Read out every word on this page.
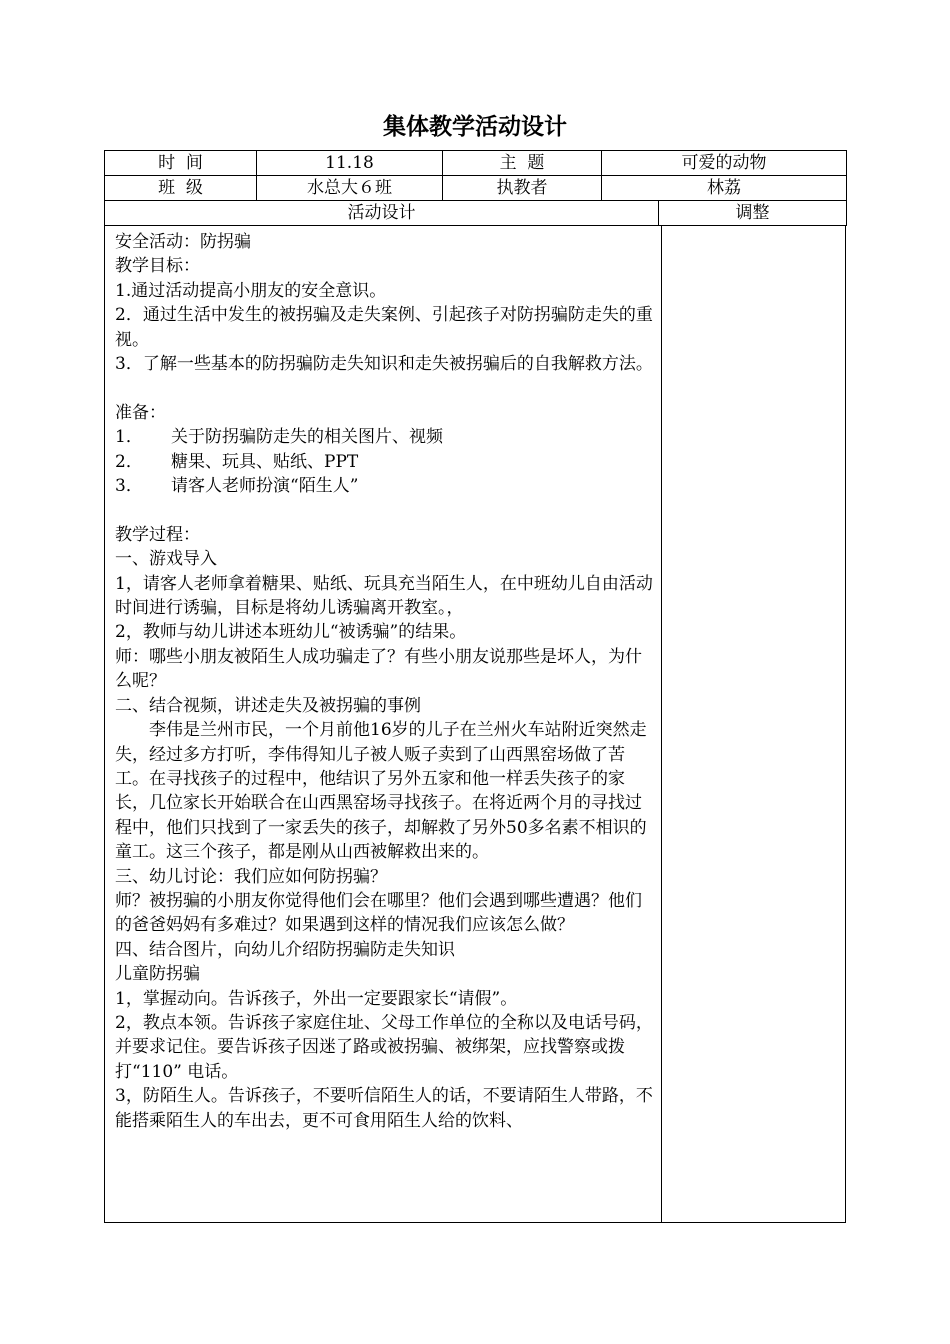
集体教学活动设计
时  间	11.18	主  题	可爱的动物	
班  级	水总大６班	执教者	林荔	
活动设计				调整

安全活动：防拐骗

教学目标：

1.通过活动提高小朋友的安全意识。

2．通过生活中发生的被拐骗及走失案例、引起孩子对防拐骗防走失的重视。

3．了解一些基本的防拐骗防走失知识和走失被拐骗后的自我解救方法。

准备：

1．	关于防拐骗防走失的相关图片、视频
2．	糖果、玩具、贴纸、PPT
3．	请客人老师扮演“陌生人”

教学过程：

一、游戏导入

1，请客人老师拿着糖果、贴纸、玩具充当陌生人，在中班幼儿自由活动时间进行诱骗，目标是将幼儿诱骗离开教室。，

2，教师与幼儿讲述本班幼儿“被诱骗”的结果。

师：哪些小朋友被陌生人成功骗走了？有些小朋友说那些是坏人，为什么呢？

二、结合视频，讲述走失及被拐骗的事例

李伟是兰州市民，一个月前他16岁的儿子在兰州火车站附近突然走失，经过多方打听，李伟得知儿子被人贩子卖到了山西黑窑场做了苦工。在寻找孩子的过程中，他结识了另外五家和他一样丢失孩子的家长，几位家长开始联合在山西黑窑场寻找孩子。在将近两个月的寻找过程中，他们只找到了一家丢失的孩子，却解救了另外50多名素不相识的童工。这三个孩子，都是刚从山西被解救出来的。

三、幼儿讨论：我们应如何防拐骗？

师？被拐骗的小朋友你觉得他们会在哪里？他们会遇到哪些遭遇？他们的爸爸妈妈有多难过？如果遇到这样的情况我们应该怎么做？

四、结合图片，向幼儿介绍防拐骗防走失知识

儿童防拐骗

1，掌握动向。告诉孩子，外出一定要跟家长“请假”。

2，教点本领。告诉孩子家庭住址、父母工作单位的全称以及电话号码，并要求记住。要告诉孩子因迷了路或被拐骗、被绑架，应找警察或拨打“110” 电话。

3，防陌生人。告诉孩子，不要听信陌生人的话，不要请陌生人带路，不能搭乘陌生人的车出去，更不可食用陌生人给的饮料、
